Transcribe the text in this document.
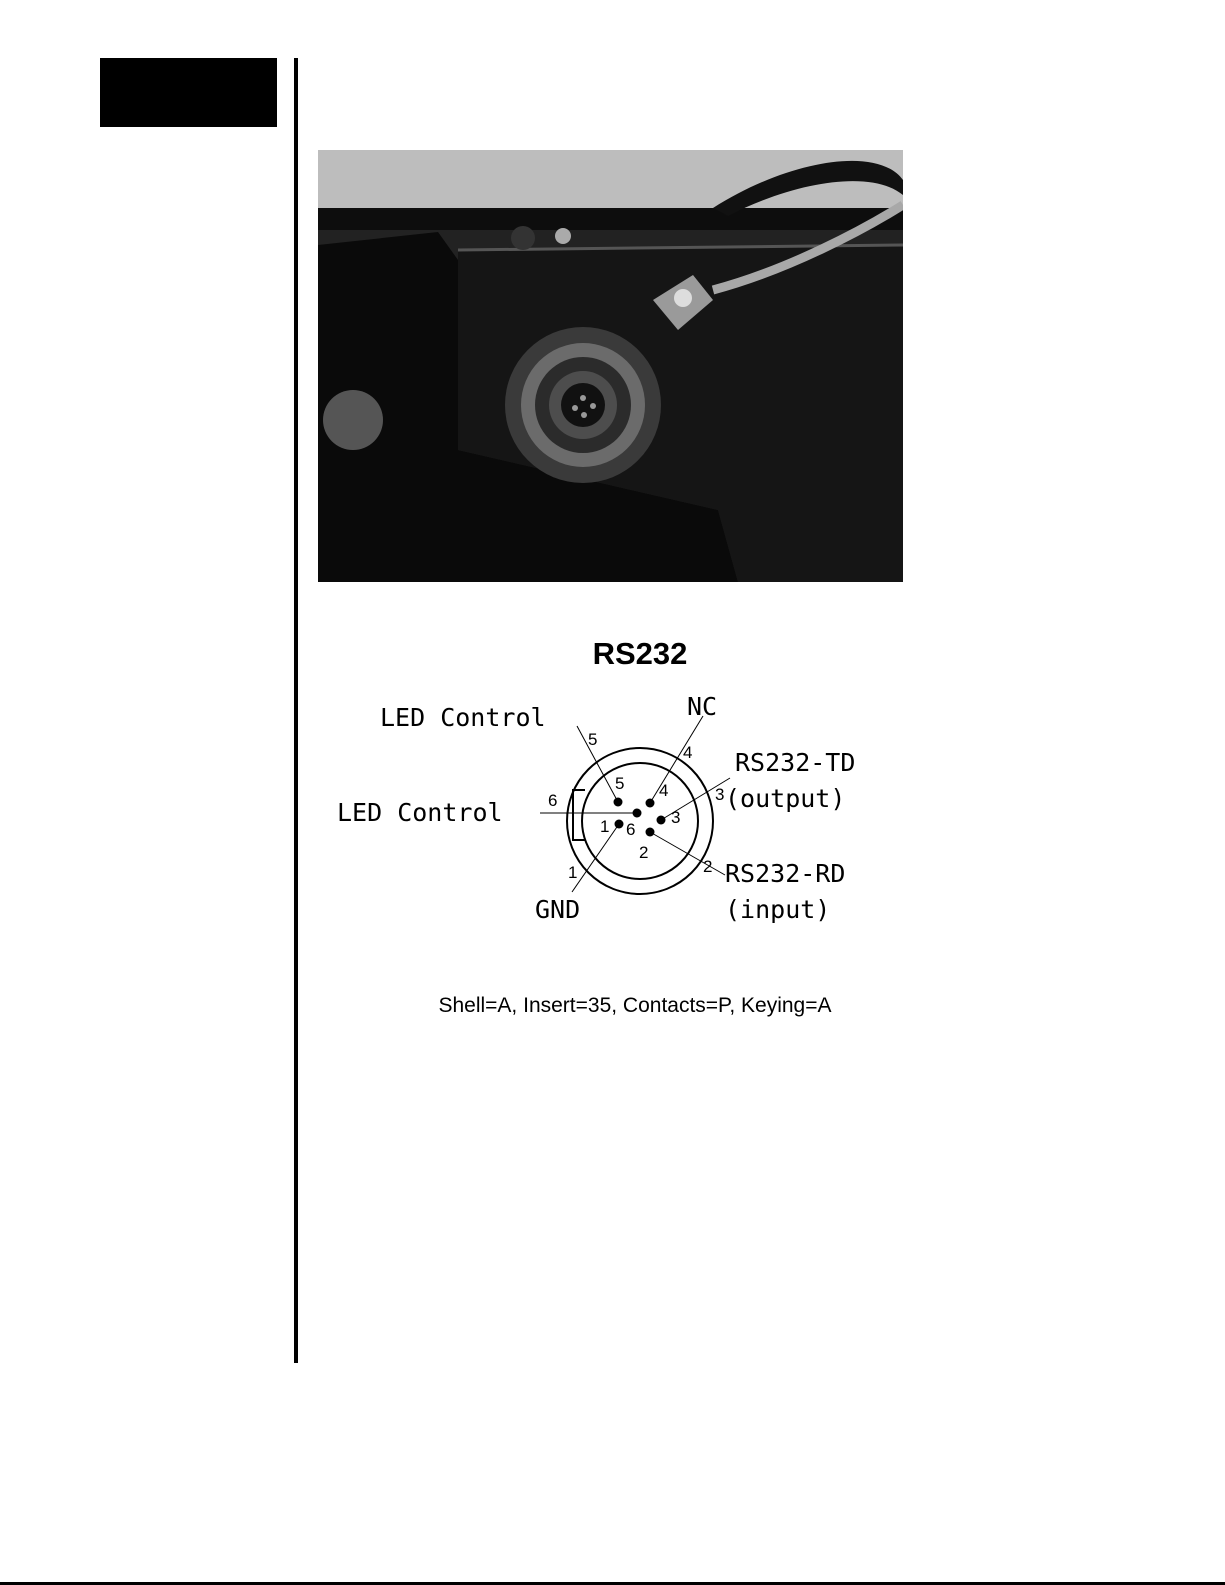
RS232
LED Control	NC
RS232-TD
(output)
LED Control
RS232-RD
(input)
GND
1	2
3
4
5
6
1
2
3
4
5
6
Shell=A, Insert=35, Contacts=P, Keying=A
